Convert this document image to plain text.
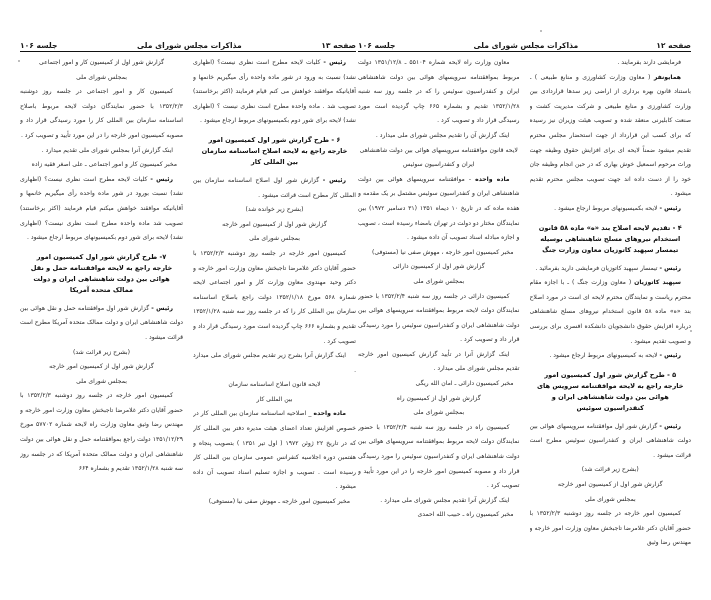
صفحه ۱۳
مذاکرات مجلس شورای ملی
جلسه ۱۰۶

رئیس - کلیات لایحه مطرح است نظری نیست؟ (اظهاری نشد) نسبت به ورود در شور ماده واحده رأی میگیریم خانمها و آقایانیکه موافقند خواهش می کنم قیام فرمایند (اکثر برخاستند) تصویب شد . ماده واحده مطرح است نظری نیست ؟ (اظهاری نشد) لایحه برای شور دوم بکمیسیونهای مربوط ارجاع میشود .

۶ - طرح گزارش شور اول کمیسیون امور خارجه راجع به لایحه اصلاح اساسنامه سازمان بین المللی کار

رئیس - گزارش شور اول اصلاح اساسنامه سازمان بین المللی کار مطرح است قرائت میشود .

(بشرح زیر خوانده شد)

گزارش شور اول از کمیسیون امور خارجه

بمجلس شورای ملی

کمیسیون امور خارجه در جلسه روز دوشنبه ۱۳۵۲/۲/۳ با حضور آقایان دکتر غلامرضا تاجبخش معاون وزارت امور خارجه و دکتر وحید مهندوی معاون وزارت کار و امور اجتماعی لایحه شماره ۵۶۸ مورخ ۱۳۵۲/۱/۱۸ دولت راجع باصلاح اساسنامه سازمان بین المللی کار را که در جلسه روز سه شنبه ۱۳۵۲/۱/۲۸ تقدیم و بشماره ۶۶۶ چاپ گردیده است مورد رسیدگی قرار داد و تصویب کرد .

اینک گزارش آنرا بشرح زیر تقدیم مجلس شورای ملی میدارد .

لایحه قانون اصلاح اساسنامه سازمان

بین المللی کار

ماده واحده _ اصلاحیه اساسنامه سازمان بین المللی کار در خصوص افزایش تعداد اعضای هیئت مدیره دفتر بین المللی کار که در تاریخ ۲۲ ژوئن ۱۹۷۲ ( اول تیر ۱۳۵۱ ) بتصویب پنجاه و هفتمین دوره اجلاسیه کنفرانس عمومی سازمان بین المللی کار رسیده است . تصویب و اجازه تسلیم اسناد تصویب آن داده میشود .

مخبر کمیسیون امور خارجه ـ مهوش صفی نیا (مستوفی)

گزارش شور اول از کمیسیون کار و امور اجتماعی

بمجلس شورای ملی

کمیسیون کار و امور اجتماعی در جلسه روز دوشنبه ۱۳۵۲/۲/۳ با حضور نمایندگان دولت لایحه مربوط باصلاح اساسنامه سازمان بین المللی کار را مورد رسیدگی قرار داد و مصوبه کمیسیون امور خارجه را در این مورد تأیید و تصویب کرد .

اینک گزارش آنرا بمجلس شورای ملی تقدیم میدارد .

مخبر کمیسیون کار و امور اجتماعی ـ علی اصغر فقیه زاده

رئیس - کلیات لایحه مطرح است نظری نیست؟ (اظهاری نشد) نسبت بورود در شور ماده واحده رأی میگیریم خانمها و آقایانیکه موافقند خواهش میکنم قیام فرمایند (اکثر برخاستند) تصویب شد ماده واحده مطرح است نظری نیست؟ (اظهاری نشد) لایحه برای شور دوم بکمیسیونهای مربوط ارجاع میشود .

۷- طرح گزارش شور اول کمیسیون امور خارجه راجع به لایحه موافقتنامه حمل و نقل هوائی بین دولت شاهنشاهی ایران و دولت ممالک متحده آمریکا

رئیس - گزارش شور اول موافقتنامه حمل و نقل هوائی بین دولت شاهنشاهی ایران و دولت ممالک متحده آمریکا مطرح است قرائت میشود .

(بشرح زیر قرائت شد)

گزارش شور اول از کمیسیون امور خارجه

بمجلس شورای ملی

کمیسیون امور خارجه در جلسه روز دوشنبه ۱۳۵۲/۲/۳ با حضور آقایان دکتر غلامرضا تاجبخش معاون وزارت امور خارجه و مهندس رضا وثیق معاون وزارت راه لایحه شماره ۵۷۷۰۲ مورخ ۱۳۵۱/۱۲/۲۹ دولت راجع بموافقتنامه حمل و نقل هوائی بین دولت شاهنشاهی ایران و دولت ممالک متحده آمریکا که در جلسه روز سه شنبه ۱۳۵۲/۱/۲۸ تقدیم و بشماره ۶۶۴

صفحه ۱۲
مذاکرات مجلس شورای ملی
جلسه ۱۰۶

فرمایشی دارند بفرمایند .

همایونفر ( معاون وزارت کشاورزی و منابع طبیعی ) ـ باستناد قانون بهره برداری از اراضی زیر سدها قراردادی بین وزارت کشاورزی و منابع طبیعی و شرکت مدیریت کشت و صنعت کابلیرنی منعقد شده و تصویب هیئت وزیران نیز رسیده که برای کسب این قرارداد از جهت استحضار مجلس محترم تقدیم میشود ضمناً لایحه ای برای افزایش حقوق وظیفه جهت وراث مرحوم اسمعیل خوش بهاری که در حین انجام وظیفه جان خود را از دست داده اند جهت تصویب مجلس محترم تقدیم میشود .

رئیس - لایحه بکمیسیونهای مربوط ارجاع میشود .

۴ - تقدیم لایحه اصلاح بند «ه» ماده ۵۸ قانون استخدام نیروهای مسلح شاهنشاهی بوسیله تیمسار سپهبد کاتوزیان معاون وزارت جنگ

رئیس - تیمسار سپهبد کاتوزیان فرمایشی دارید بفرمائید .

سپهبد کاتوزیان ( معاون وزارت جنگ ) ـ با اجازه مقام محترم ریاست و نمایندگان محترم لایحه ای است در مورد اصلاح بند «ه» ماده ۵۸ قانون استخدام نیروهای مسلح شاهنشاهی درباره افزایش حقوق دانشجویان دانشکده افسری برای بررسی و تصویب تقدیم میشود .

رئیس - لایحه به کمیسیونهای مربوط ارجاع میشود .

۵ - طرح گزارش شور اول کمیسیون امور خارجه راجع به لایحه موافقتنامه سرویس های هوائی بین دولت شاهنشاهی ایران و کنفدراسیون سوئیس

رئیس - گزارش شور اول موافقتنامه سرویسهای هوائی بین دولت شاهنشاهی ایران و کنفدراسیون سوئیس مطرح است قرائت میشود .

(بشرح زیر قرائت شد)

گزارش شور اول از کمیسیون امور خارجه

بمجلس شورای ملی

کمیسیون امور خارجه در جلسه روز دوشنبه ۱۳۵۲/۲/۳ با حضور آقایان دکتر غلامرضا تاجبخش معاون وزارت امور خارجه و مهندس رضا وثیق

معاون وزارت راه لایحه شماره ۵۵۱۰۴ ـ ۱۳۵۱/۱۲/۸ دولت مربوط بموافقتنامه سرویسهای هوائی بین دولت شاهنشاهی ایران و کنفدراسیون سوئیس را که در جلسه روز سه شنبه ۱۳۵۲/۱/۲۸ تقدیم و بشماره ۶۶۵ چاپ گردیده است مورد رسیدگی قرار داد و تصویب کرد .

اینک گزارش آن را تقدیم مجلس شورای ملی میدارد .

لایحه قانون موافقتنامه سرویسهای هوائی بین دولت شاهنشاهی ایران و کنفدراسیون سوئیس

ماده واحده - موافقتنامه سرویسهای هوائی بین دولت شاهنشاهی ایران و کنفدراسیون سوئیس مشتمل بر یک مقدمه و هفده ماده که در تاریخ ۱۰ دیماه ۱۳۵۱ (۳۱ دسامبر ۱۹۷۲) بین نمایندگان مختار دو دولت در تهران بامضاء رسیده است ، تصویب و اجازه مبادله اسناد تصویب آن داده میشود .

مخبر کمیسیون امور خارجه ، مهوش صفی نیا (مستوفی)

گزارش شور اول از کمیسیون دارائی

بمجلس شورای ملی

کمیسیون دارائی در جلسه روز سه شنبه ۱۳۵۲/۲/۴ با حضور نمایندگان دولت لایحه مربوط بموافقتنامه سرویسهای هوائی بین دولت شاهنشاهی ایران و کنفدراسیون سوئیس را مورد رسیدگی قرار داد و تصویب کرد .

اینک گزارش آنرا در تأیید گزارش کمیسیون امور خارجه تقدیم مجلس شورای ملی میدارد .

مخبر کمیسیون دارائی ـ امان الله ریگی

گزارش شور اول از کمیسیون راه

بمجلس شورای ملی

کمیسیون راه در جلسه روز سه شنبه ۱۳۵۲/۲/۴ با حضور نمایندگان دولت لایحه مربوط بموافقتنامه سرویسهای هوائی بین دولت شاهنشاهی ایران و کنفدراسیون سوئیس را مورد رسیدگی قرار داد و مصوبه کمیسیون امور خارجه را در این مورد تأیید و تصویب کرد .

اینک گزارش آنرا تقدیم مجلس شورای ملی میدارد .

مخبر کمیسیون راه ـ حبیب الله احمدی
